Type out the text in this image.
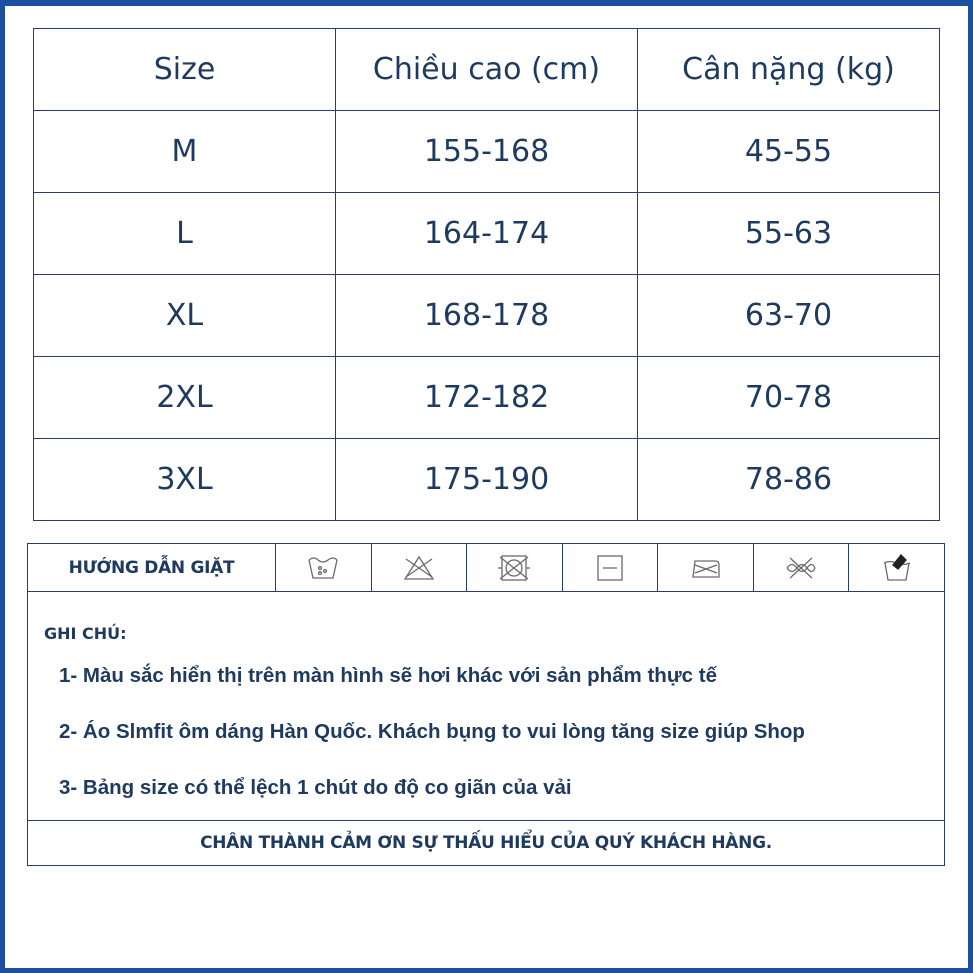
Size	Chiều cao (cm)	Cân nặng (kg)
M	155-168	45-55
L	164-174	55-63
XL	168-178	63-70
2XL	172-182	70-78
3XL	175-190	78-86
HƯỚNG DẪN GIẶT
GHI CHÚ:
1- Màu sắc hiển thị trên màn hình sẽ hơi khác với sản phẩm thực tế
2- Áo Slmfit ôm dáng Hàn Quốc. Khách bụng to vui lòng tăng size giúp Shop
3- Bảng size có thể lệch 1 chút do độ co giãn của vải
CHÂN THÀNH CẢM ƠN SỰ THẤU HIỂU CỦA QUÝ KHÁCH HÀNG.
